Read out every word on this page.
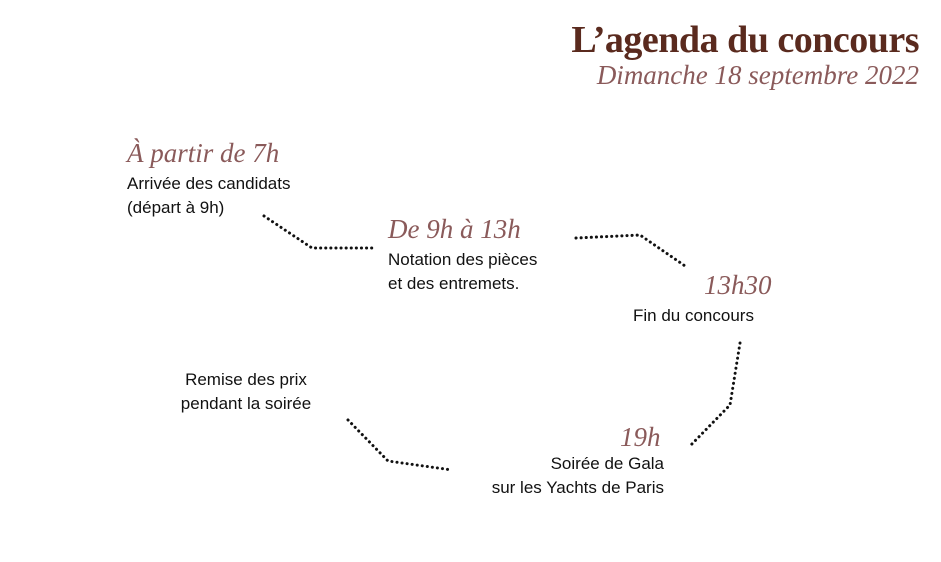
L’agenda du concours
Dimanche 18 septembre 2022
À partir de 7h
Arrivée des candidats
(départ à 9h)
De 9h à 13h
Notation des pièces
et des entremets.	13h30
Fin du concours
19h
Soirée de Gala
sur les Yachts de Paris
Remise des prix
pendant la soirée
